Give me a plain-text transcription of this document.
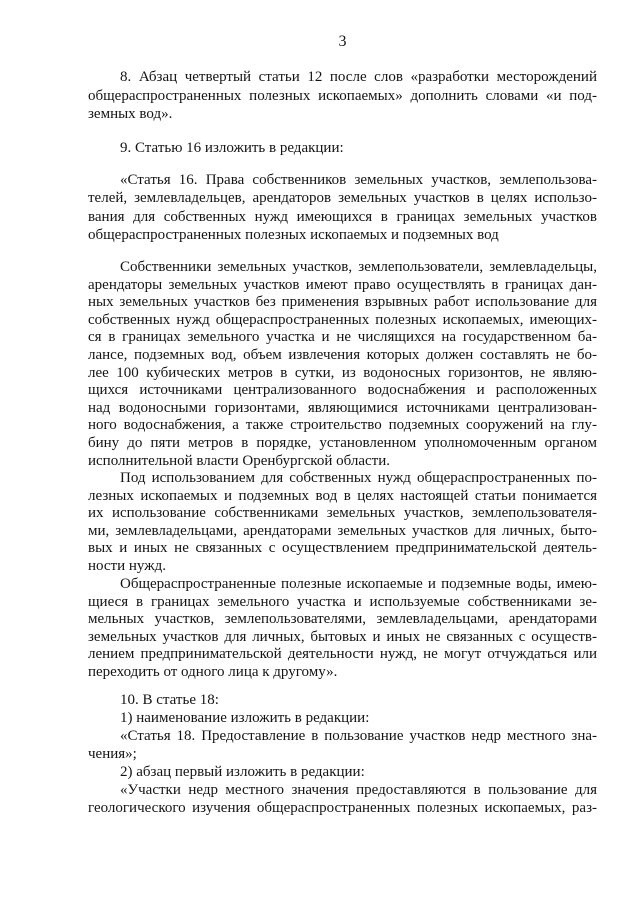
3
8. Абзац четвертый статьи 12 после слов «разработки месторождений
общераспространенных полезных ископаемых» дополнить словами «и под-
земных вод».
9. Статью 16 изложить в редакции:
«Статья 16. Права собственников земельных участков, землепользова-
телей, землевладельцев, арендаторов земельных участков в целях использо-
вания для собственных нужд имеющихся в границах земельных участков
общераспространенных полезных ископаемых и подземных вод
Собственники земельных участков, землепользователи, землевладельцы,
арендаторы земельных участков имеют право осуществлять в границах дан-
ных земельных участков без применения взрывных работ использование для
собственных нужд общераспространенных полезных ископаемых, имеющих-
ся в границах земельного участка и не числящихся на государственном ба-
лансе, подземных вод, объем извлечения которых должен составлять не бо-
лее 100 кубических метров в сутки, из водоносных горизонтов, не являю-
щихся источниками централизованного водоснабжения и расположенных
над водоносными горизонтами, являющимися источниками централизован-
ного водоснабжения, а также строительство подземных сооружений на глу-
бину до пяти метров в порядке, установленном уполномоченным органом
исполнительной власти Оренбургской области.
Под использованием для собственных нужд общераспространенных по-
лезных ископаемых и подземных вод в целях настоящей статьи понимается
их использование собственниками земельных участков, землепользователя-
ми, землевладельцами, арендаторами земельных участков для личных, быто-
вых и иных не связанных с осуществлением предпринимательской деятель-
ности нужд.
Общераспространенные полезные ископаемые и подземные воды, имею-
щиеся в границах земельного участка и используемые собственниками зе-
мельных участков, землепользователями, землевладельцами, арендаторами
земельных участков для личных, бытовых и иных не связанных с осуществ-
лением предпринимательской деятельности нужд, не могут отчуждаться или
переходить от одного лица к другому».
10. В статье 18:
1) наименование изложить в редакции:
«Статья 18. Предоставление в пользование участков недр местного зна-
чения»;
2) абзац первый изложить в редакции:
«Участки недр местного значения предоставляются в пользование для
геологического изучения общераспространенных полезных ископаемых, раз-
